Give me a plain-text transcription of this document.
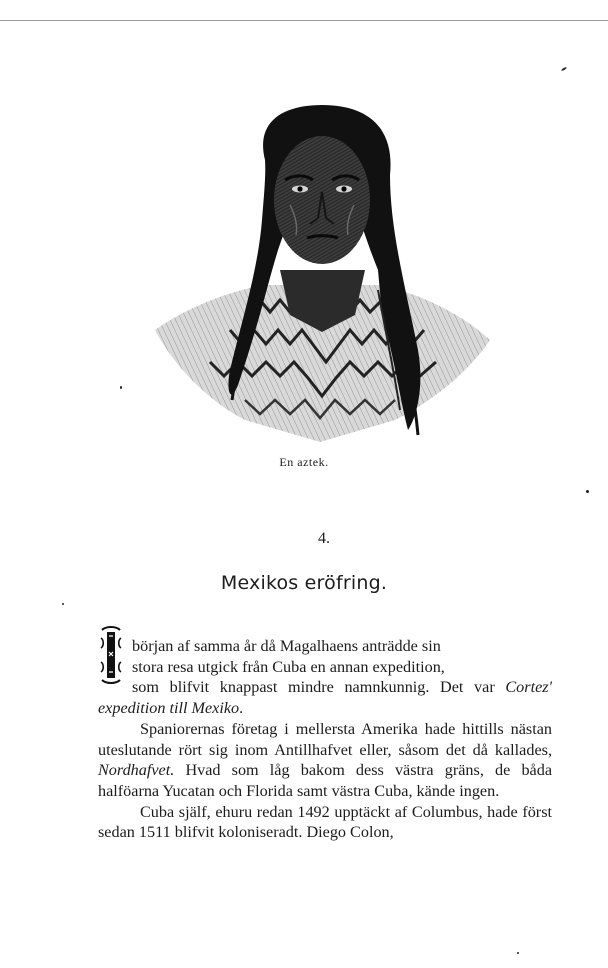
En aztek.
4.
Mexikos eröfring.

början af samma år då Magalhaens anträdde sin
stora resa utgick från Cuba en annan expedition,
som blifvit knappast mindre namnkunnig. Det var Cortez' expedition till Mexiko.

Spaniorernas företag i mellersta Amerika hade hittills nästan uteslutande rört sig inom Antillhafvet eller, såsom det då kallades, Nordhafvet. Hvad som låg bakom dess västra gräns, de båda halföarna Yucatan och Florida samt västra Cuba, kände ingen.

Cuba själf, ehuru redan 1492 upptäckt af Columbus, hade först sedan 1511 blifvit koloniseradt. Diego Colon,
